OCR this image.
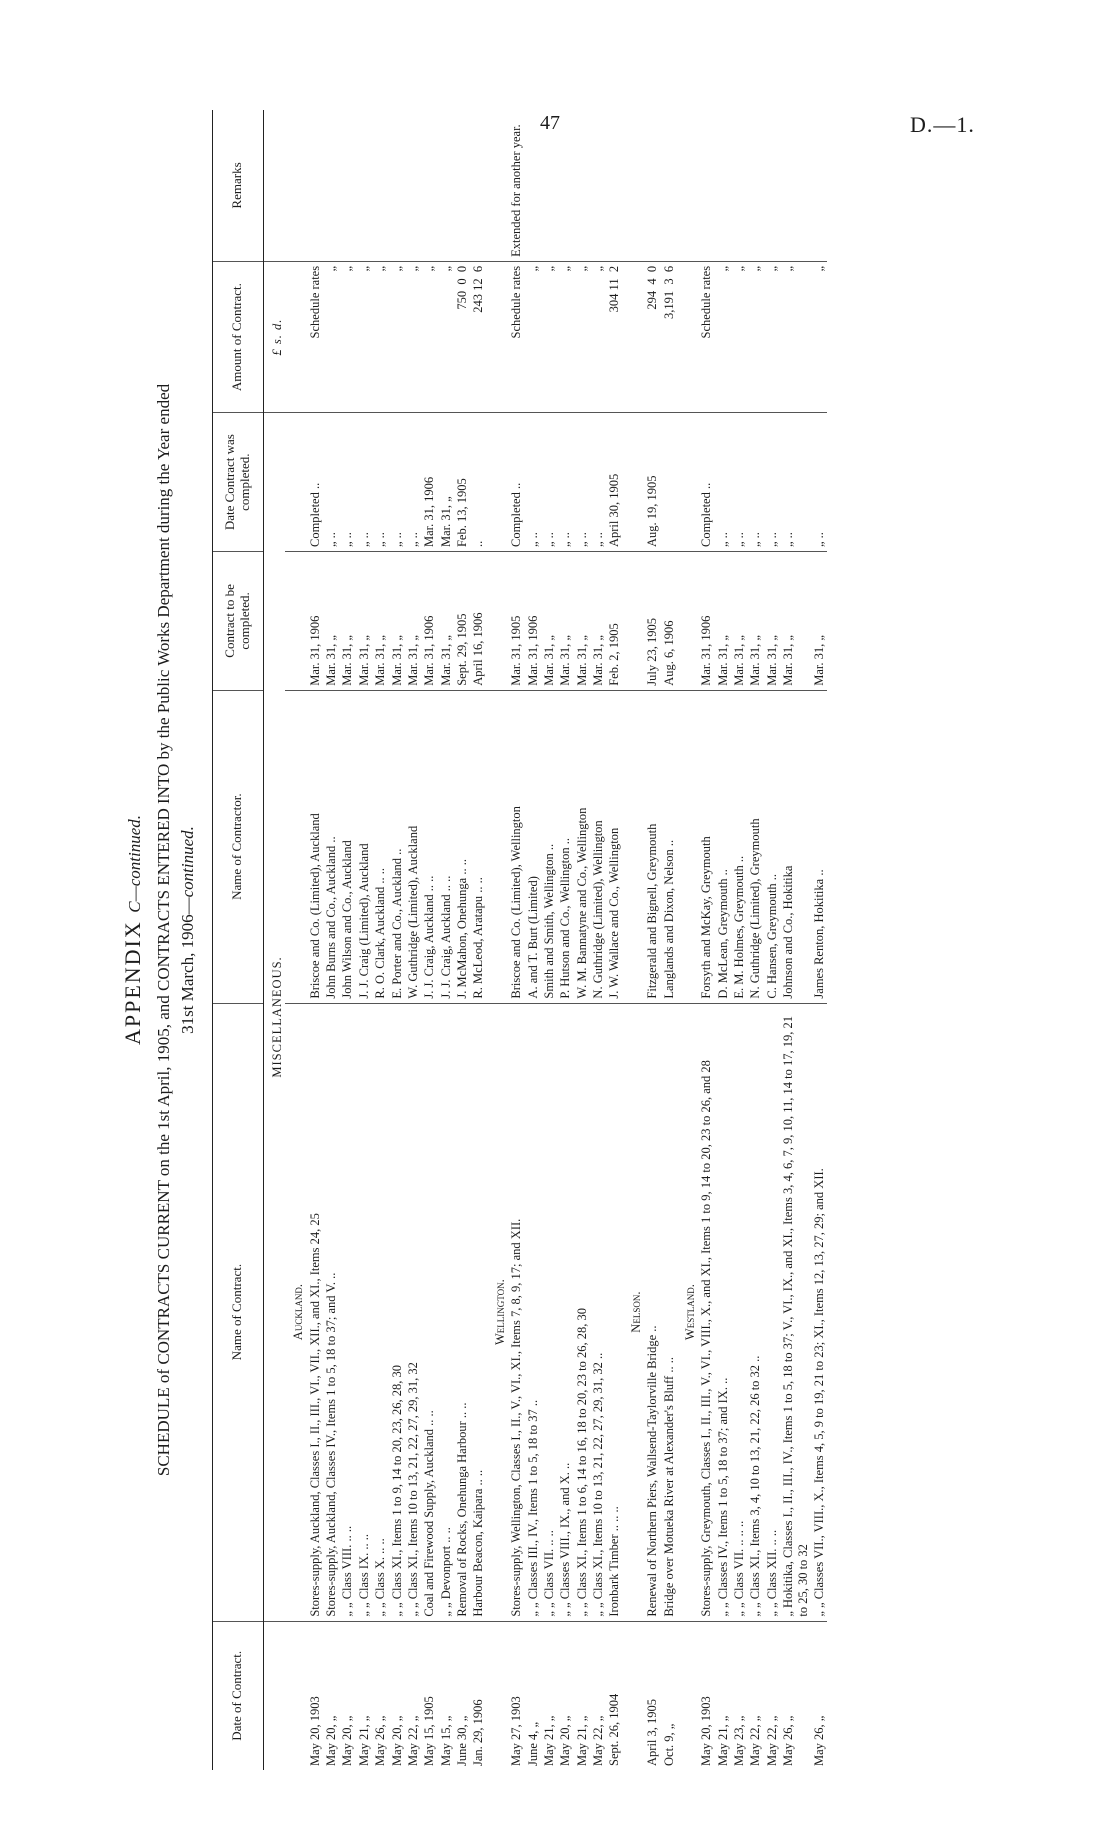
47	D.—1.
APPENDIX C—continued. SCHEDULE of CONTRACTS CURRENT on the 1st April, 1905, and CONTRACTS ENTERED INTO by the Public Works Department during the Year ended 31st March, 1906—continued.
Date of Contract.	Name of Contract.	Name of Contractor.	Contract to be completed.	Date Contract was completed.	Amount of Contract.	Remarks
	MISCELLANEOUS.				£ s. d.	
	Auckland.					
May 20, 1903	Stores-supply, Auckland, Classes I., II., III., VI., VII., XII., and XI., Items 24, 25	Briscoe and Co. (Limited), Auckland	Mar. 31, 1906	Completed ..	Schedule rates	
May 20, „	Stores-supply, Auckland, Classes IV., Items 1 to 5, 18 to 37; and V. ..	John Burns and Co., Auckland ..	Mar. 31, „	„ ..	„	
May 20, „	„ „ Class VIII. .. ..	John Wilson and Co., Auckland	Mar. 31, „	„ ..	„	
May 21, „	„ „ Class IX. .. ..	J. J. Craig (Limited), Auckland	Mar. 31, „	„ ..	„	
May 26, „	„ „ Class X. .. ..	R. O. Clark, Auckland .. ..	Mar. 31, „	„ ..	„	
May 20, „	„ „ Class XI., Items 1 to 9, 14 to 20, 23, 26, 28, 30	E. Porter and Co., Auckland ..	Mar. 31, „	„ ..	„	
May 22, „	„ „ Class XI., Items 10 to 13, 21, 22, 27, 29, 31, 32	W. Guthridge (Limited), Auckland	Mar. 31, „	„ ..	„	
May 15, 1905	Coal and Firewood Supply, Auckland .. ..	J. J. Craig, Auckland .. ..	Mar. 31, 1906	Mar. 31, 1906	„	
May 15, „	„ „ Devonport .. ..	J. J. Craig, Auckland .. ..	Mar. 31, „	Mar. 31, „	„	
June 30, „	Removal of Rocks, Onehunga Harbour .. ..	J. McMahon, Onehunga .. ..	Sept. 29, 1905	Feb. 13, 1905	750  0  0	
Jan. 29, 1906	Harbour Beacon, Kaipara .. ..	R. McLeod, Aratapu .. ..	April 16, 1906	..	243 12  6	
	Wellington.					
May 27, 1903	Stores-supply, Wellington, Classes I., II., V., VI., XI., Items 7, 8, 9, 17; and XII.	Briscoe and Co. (Limited), Wellington	Mar. 31, 1905	Completed ..	Schedule rates	Extended for another year.
June 4, „	„ „ Classes III., IV., Items 1 to 5, 18 to 37 ..	A. and T. Burt (Limited)	Mar. 31, 1906	„ ..	„	
May 21, „	„ „ Class VII. .. ..	Smith and Smith, Wellington ..	Mar. 31, „	„ ..	„	
May 20, „	„ „ Classes VIII., IX., and X. ..	P. Hutson and Co., Wellington ..	Mar. 31, „	„ ..	„	
May 21, „	„ „ Class XI., Items 1 to 6, 14 to 16, 18 to 20, 23 to 26, 28, 30	W. M. Bannatyne and Co., Wellington	Mar. 31, „	„ ..	„	
May 22, „	„ „ Class XI., Items 10 to 13, 21, 22, 27, 29, 31, 32 ..	N. Guthridge (Limited), Wellington	Mar. 31, „	„ ..	„	
Sept. 26, 1904	Ironbark Timber .. .. ..	J. W. Wallace and Co., Wellington	Feb. 2, 1905	April 30, 1905	304 11  2	
	Nelson.					
April 3, 1905	Renewal of Northern Piers, Wallsend-Taylorville Bridge ..	Fitzgerald and Bignell, Greymouth	July 23, 1905	Aug. 19, 1905	294  4  0	
Oct. 9, „	Bridge over Motueka River at Alexander's Bluff .. ..	Langlands and Dixon, Nelson ..	Aug. 6, 1906		3,191  3  6	
	Westland.					
May 20, 1903	Stores-supply, Greymouth, Classes I., II., III., V., VI., VIII., X., and XI., Items 1 to 9, 14 to 20, 23 to 26, and 28	Forsyth and McKay, Greymouth	Mar. 31, 1906	Completed ..	Schedule rates	
May 21, „	„ „ Classes IV., Items 1 to 5, 18 to 37; and IX. ..	D. McLean, Greymouth ..	Mar. 31, „	„ ..	„	
May 23, „	„ „ Class VII. .. .. ..	E. M. Holmes, Greymouth ..	Mar. 31, „	„ ..	„	
May 22, „	„ „ Class XI., Items 3, 4, 10 to 13, 21, 22, 26 to 32 ..	N. Guthridge (Limited), Greymouth	Mar. 31, „	„ ..	„	
May 22, „	„ „ Class XII. .. ..	C. Hansen, Greymouth ..	Mar. 31, „	„ ..	„	
May 26, „	„ Hokitika, Classes I., II., III., IV., Items 1 to 5, 18 to 37; V., VI., IX., and XI., Items 3, 4, 6, 7, 9, 10, 11, 14 to 17, 19, 21 to 25, 30 to 32	Johnson and Co., Hokitika	Mar. 31, „	„ ..	„	
May 26, „	„ „ Classes VII., VIII., X., Items 4, 5, 9 to 19, 21 to 23; XI., Items 12, 13, 27, 29; and XII.	James Renton, Hokitika ..	Mar. 31, „	„ ..	„	
